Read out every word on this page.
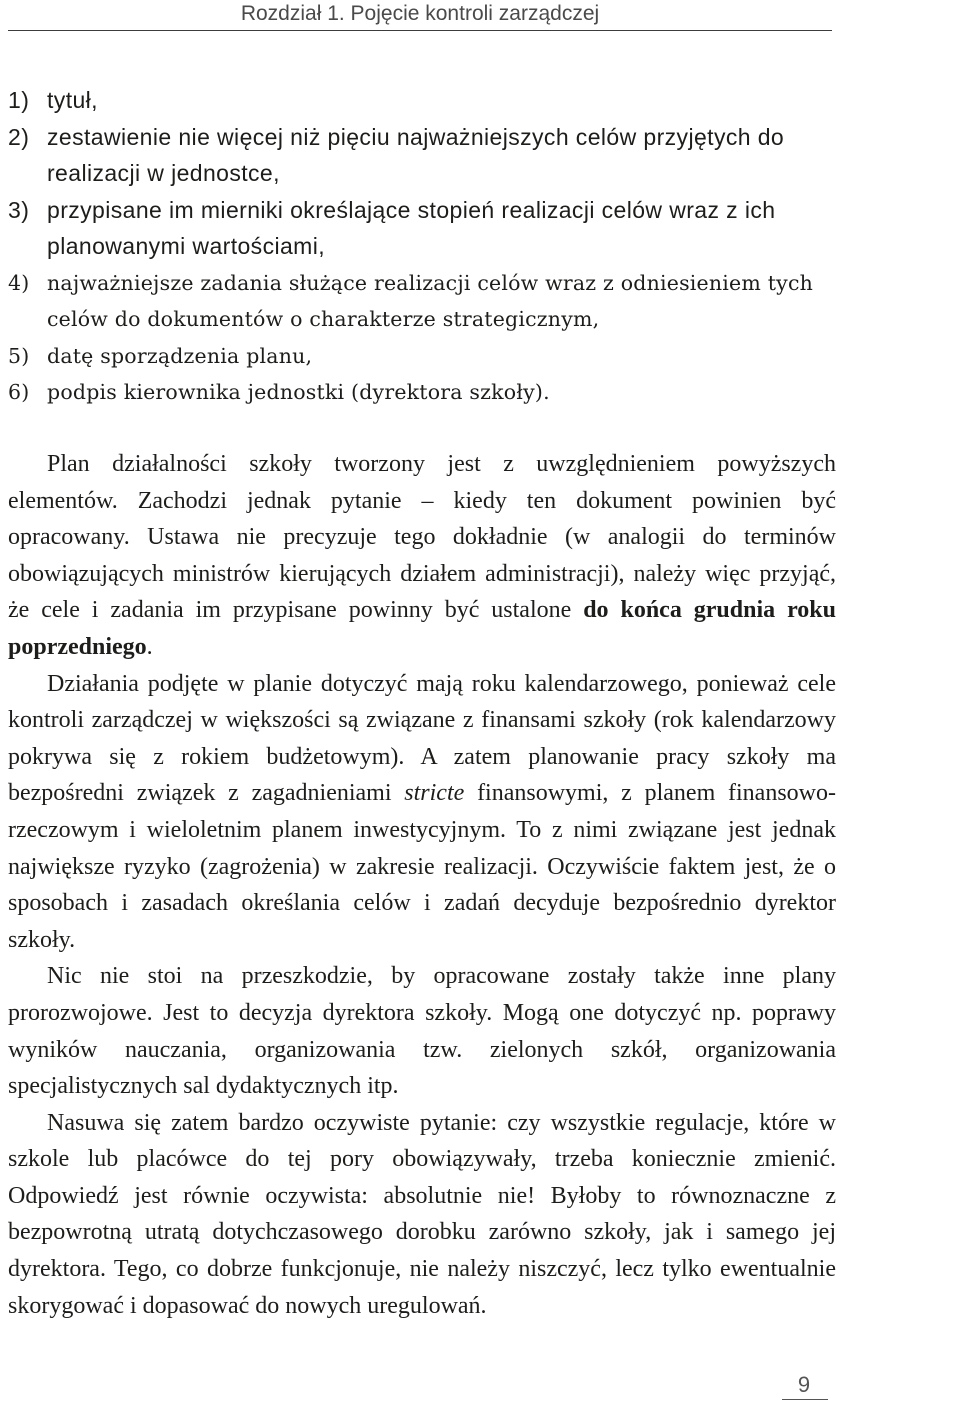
Rozdział 1. Pojęcie kontroli zarządczej
1) tytuł,
2) zestawienie nie więcej niż pięciu najważniejszych celów przyjętych do realizacji w jednostce,
3) przypisane im mierniki określające stopień realizacji celów wraz z ich planowanymi wartościami,
4) najważniejsze zadania służące realizacji celów wraz z odniesieniem tych celów do dokumentów o charakterze strategicznym,
5) datę sporządzenia planu,
6) podpis kierownika jednostki (dyrektora szkoły).

Plan działalności szkoły tworzony jest z uwzględnieniem powyższych elementów. Zachodzi jednak pytanie – kiedy ten dokument powinien być opracowany. Ustawa nie precyzuje tego dokładnie (w analogii do terminów obowiązujących ministrów kierujących działem administracji), należy więc przyjąć, że cele i zadania im przypisane powinny być ustalone do końca grudnia roku poprzedniego.

Działania podjęte w planie dotyczyć mają roku kalendarzowego, ponieważ cele kontroli zarządczej w większości są związane z finansami szkoły (rok kalendarzowy pokrywa się z rokiem budżetowym). A zatem planowanie pracy szkoły ma bezpośredni związek z zagadnieniami stricte finansowymi, z planem finansowo-rzeczowym i wieloletnim planem inwestycyjnym. To z nimi związane jest jednak największe ryzyko (zagrożenia) w zakresie realizacji. Oczywiście faktem jest, że o sposobach i zasadach określania celów i zadań decyduje bezpośrednio dyrektor szkoły.

Nic nie stoi na przeszkodzie, by opracowane zostały także inne plany prorozwojowe. Jest to decyzja dyrektora szkoły. Mogą one dotyczyć np. poprawy wyników nauczania, organizowania tzw. zielonych szkół, organizowania specjalistycznych sal dydaktycznych itp.

Nasuwa się zatem bardzo oczywiste pytanie: czy wszystkie regulacje, które w szkole lub placówce do tej pory obowiązywały, trzeba koniecznie zmienić. Odpowiedź jest równie oczywista: absolutnie nie! Byłoby to równoznaczne z bezpowrotną utratą dotychczasowego dorobku zarówno szkoły, jak i samego jej dyrektora. Tego, co dobrze funkcjonuje, nie należy niszczyć, lecz tylko ewentualnie skorygować i dopasować do nowych uregulowań.

9
